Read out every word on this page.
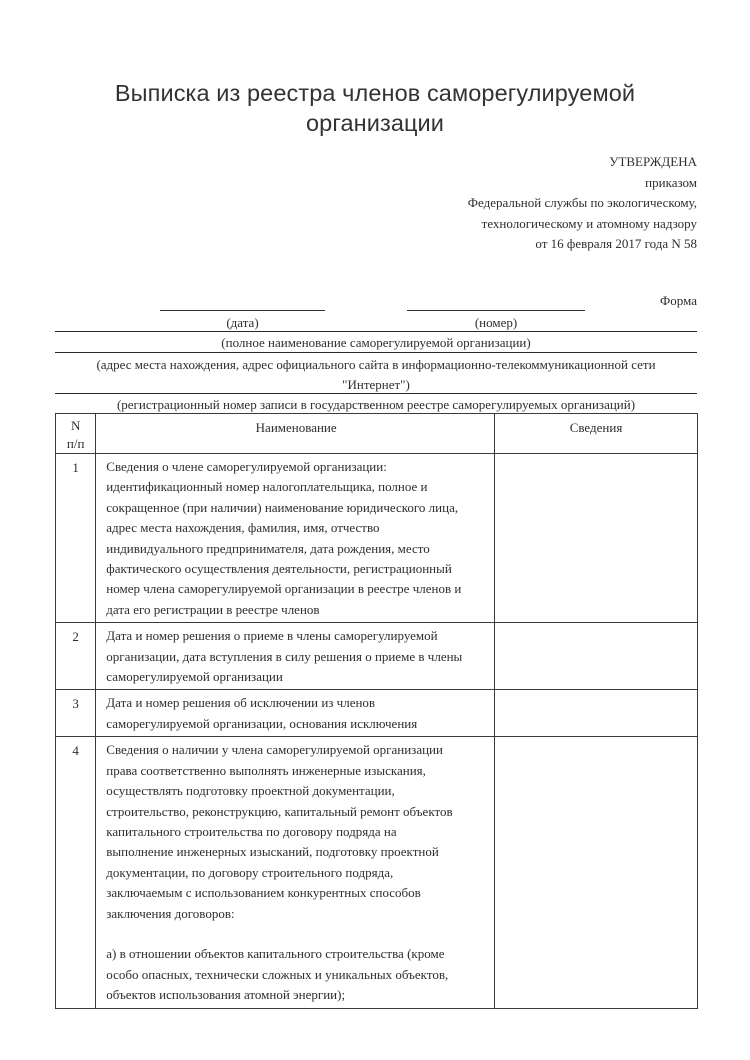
Выписка из реестра членов саморегулируемой
организации
УТВЕРЖДЕНА
приказом
Федеральной службы по экологическому,
технологическому и атомному надзору
от 16 февраля 2017 года N 58
Форма
(дата)	(номер)
(полное наименование саморегулируемой организации)
(адрес места нахождения, адрес официального сайта в информационно-телекоммуникационной сети
"Интернет")
(регистрационный номер записи в государственном реестре саморегулируемых организаций)
N
п/п	Наименование	Сведения
1	Сведения о члене саморегулируемой организации:
идентификационный номер налогоплательщика, полное и
сокращенное (при наличии) наименование юридического лица,
адрес места нахождения, фамилия, имя, отчество
индивидуального предпринимателя, дата рождения, место
фактического осуществления деятельности, регистрационный
номер члена саморегулируемой организации в реестре членов и
дата его регистрации в реестре членов

2	Дата и номер решения о приеме в члены саморегулируемой
организации, дата вступления в силу решения о приеме в члены
саморегулируемой организации	

3	Дата и номер решения об исключении из членов
саморегулируемой организации, основания исключения	

4	Сведения о наличии у члена саморегулируемой организации
права соответственно выполнять инженерные изыскания,
осуществлять подготовку проектной документации,
строительство, реконструкцию, капитальный ремонт объектов
капитального строительства по договору подряда на
выполнение инженерных изысканий, подготовку проектной
документации, по договору строительного подряда,
заключаемым с использованием конкурентных способов
заключения договоров:
а) в отношении объектов капитального строительства (кроме
особо опасных, технически сложных и уникальных объектов,
объектов использования атомной энергии);
